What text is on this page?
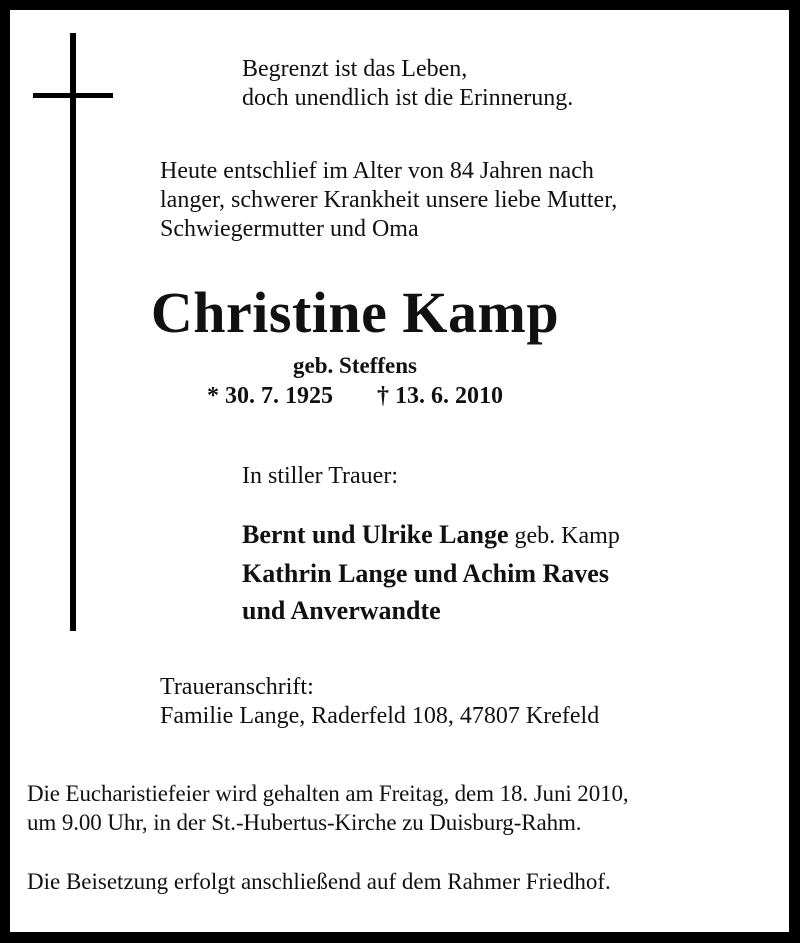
Begrenzt ist das Leben,
doch unendlich ist die Erinnerung.
Heute entschlief im Alter von 84 Jahren nach
langer, schwerer Krankheit unsere liebe Mutter,
Schwiegermutter und Oma
Christine Kamp
geb. Steffens
* 30. 7. 1925 † 13. 6. 2010
In stiller Trauer:
Bernt und Ulrike Lange geb. Kamp
Kathrin Lange und Achim Raves
und Anverwandte
Traueranschrift:
Familie Lange, Raderfeld 108, 47807 Krefeld
Die Eucharistiefeier wird gehalten am Freitag, dem 18. Juni 2010,
um 9.00 Uhr, in der St.-Hubertus-Kirche zu Duisburg-Rahm.
Die Beisetzung erfolgt anschließend auf dem Rahmer Friedhof.
